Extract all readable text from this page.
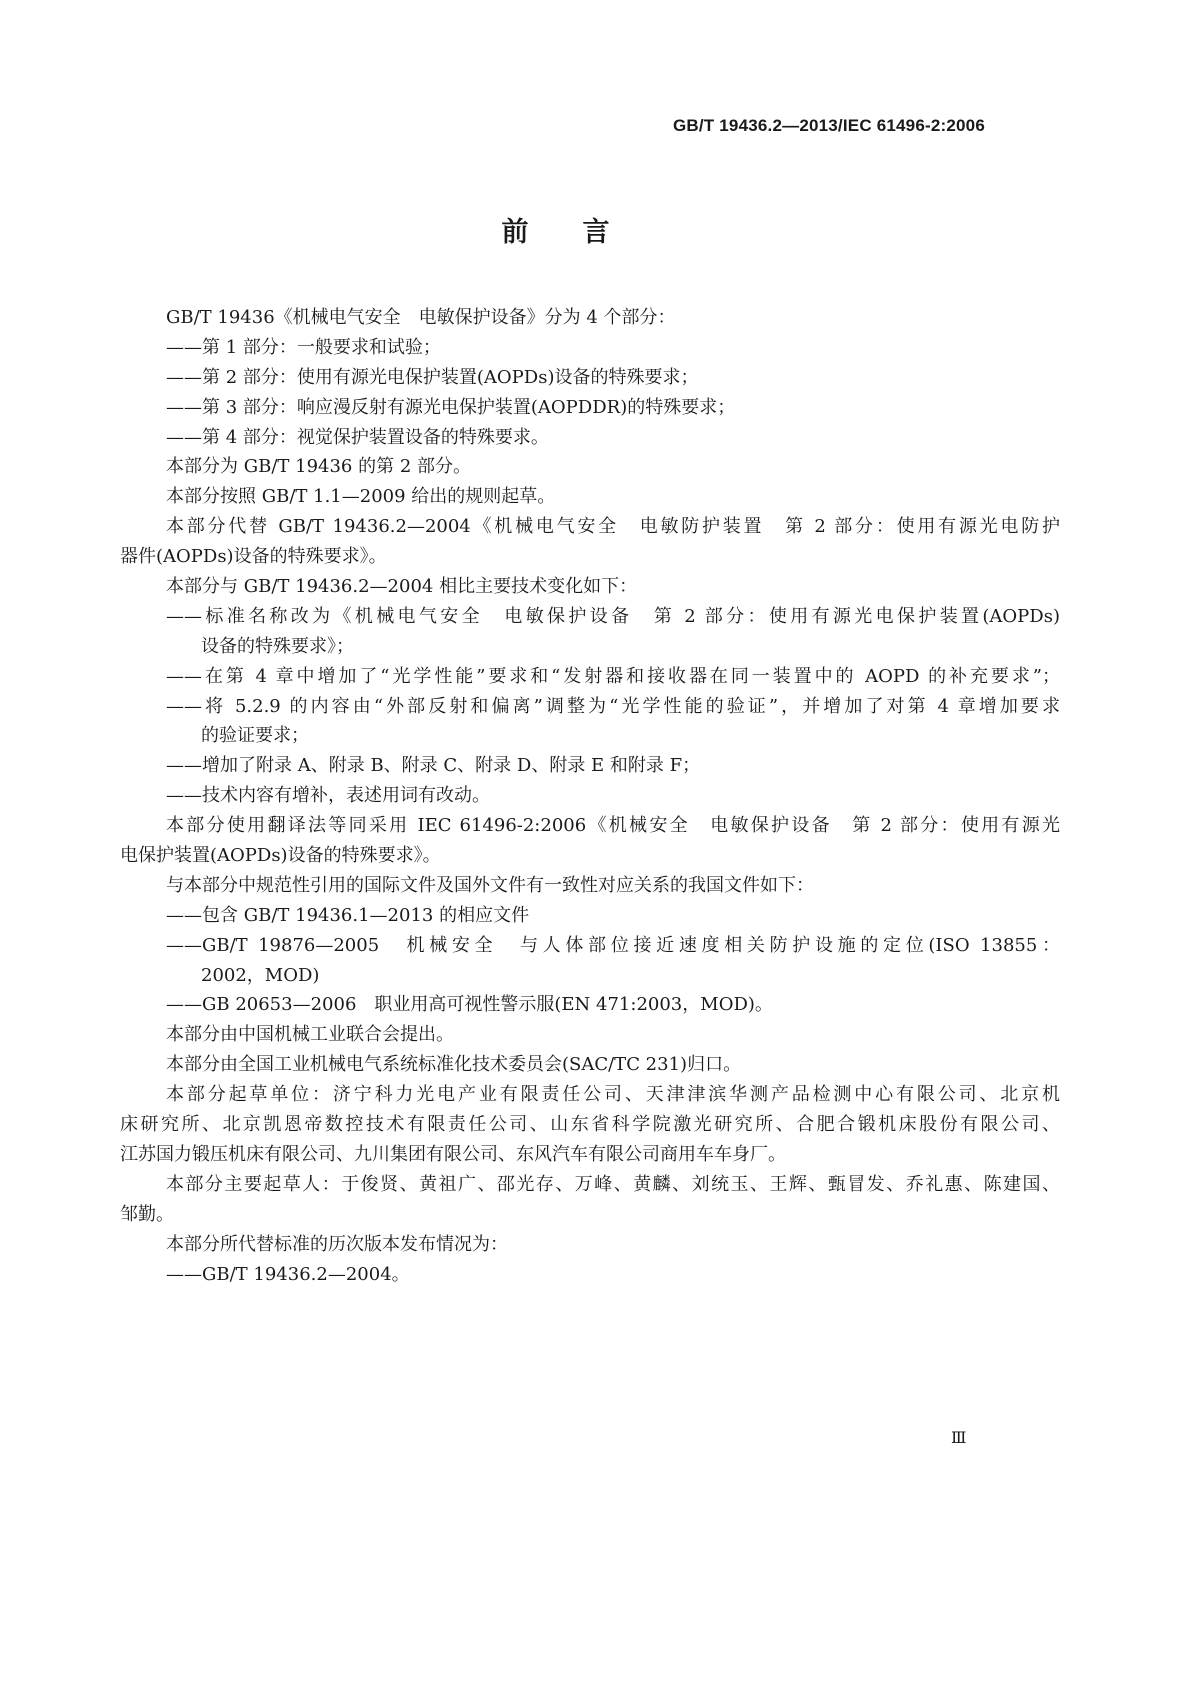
GB/T 19436.2—2013/IEC 61496-2:2006
前 言
GB/T 19436《机械电气安全　电敏保护设备》分为 4 个部分：
——第 1 部分：一般要求和试验；
——第 2 部分：使用有源光电保护装置(AOPDs)设备的特殊要求；
——第 3 部分：响应漫反射有源光电保护装置(AOPDDR)的特殊要求；
——第 4 部分：视觉保护装置设备的特殊要求。
本部分为 GB/T 19436 的第 2 部分。
本部分按照 GB/T 1.1—2009 给出的规则起草。
本部分代替 GB/T 19436.2—2004《机械电气安全　电敏防护装置　第 2 部分：使用有源光电防护
器件(AOPDs)设备的特殊要求》。
本部分与 GB/T 19436.2—2004 相比主要技术变化如下：
——标准名称改为《机械电气安全　电敏保护设备　第 2 部分：使用有源光电保护装置(AOPDs)
设备的特殊要求》；
——在第 4 章中增加了“光学性能”要求和“发射器和接收器在同一装置中的 AOPD 的补充要求”；
——将 5.2.9 的内容由“外部反射和偏离”调整为“光学性能的验证”，并增加了对第 4 章增加要求
的验证要求；
——增加了附录 A、附录 B、附录 C、附录 D、附录 E 和附录 F；
——技术内容有增补，表述用词有改动。
本部分使用翻译法等同采用 IEC 61496-2:2006《机械安全　电敏保护设备　第 2 部分：使用有源光
电保护装置(AOPDs)设备的特殊要求》。
与本部分中规范性引用的国际文件及国外文件有一致性对应关系的我国文件如下：
——包含 GB/T 19436.1—2013 的相应文件
——GB/T 19876—2005　机械安全　与人体部位接近速度相关防护设施的定位(ISO 13855：
2002，MOD)
——GB 20653—2006　职业用高可视性警示服(EN 471:2003，MOD)。
本部分由中国机械工业联合会提出。
本部分由全国工业机械电气系统标准化技术委员会(SAC/TC 231)归口。
本部分起草单位：济宁科力光电产业有限责任公司、天津津滨华测产品检测中心有限公司、北京机
床研究所、北京凯恩帝数控技术有限责任公司、山东省科学院激光研究所、合肥合锻机床股份有限公司、
江苏国力锻压机床有限公司、九川集团有限公司、东风汽车有限公司商用车车身厂。
本部分主要起草人：于俊贤、黄祖广、邵光存、万峰、黄麟、刘统玉、王辉、甄冒发、乔礼惠、陈建国、
邹勤。
本部分所代替标准的历次版本发布情况为：
——GB/T 19436.2—2004。
Ⅲ
